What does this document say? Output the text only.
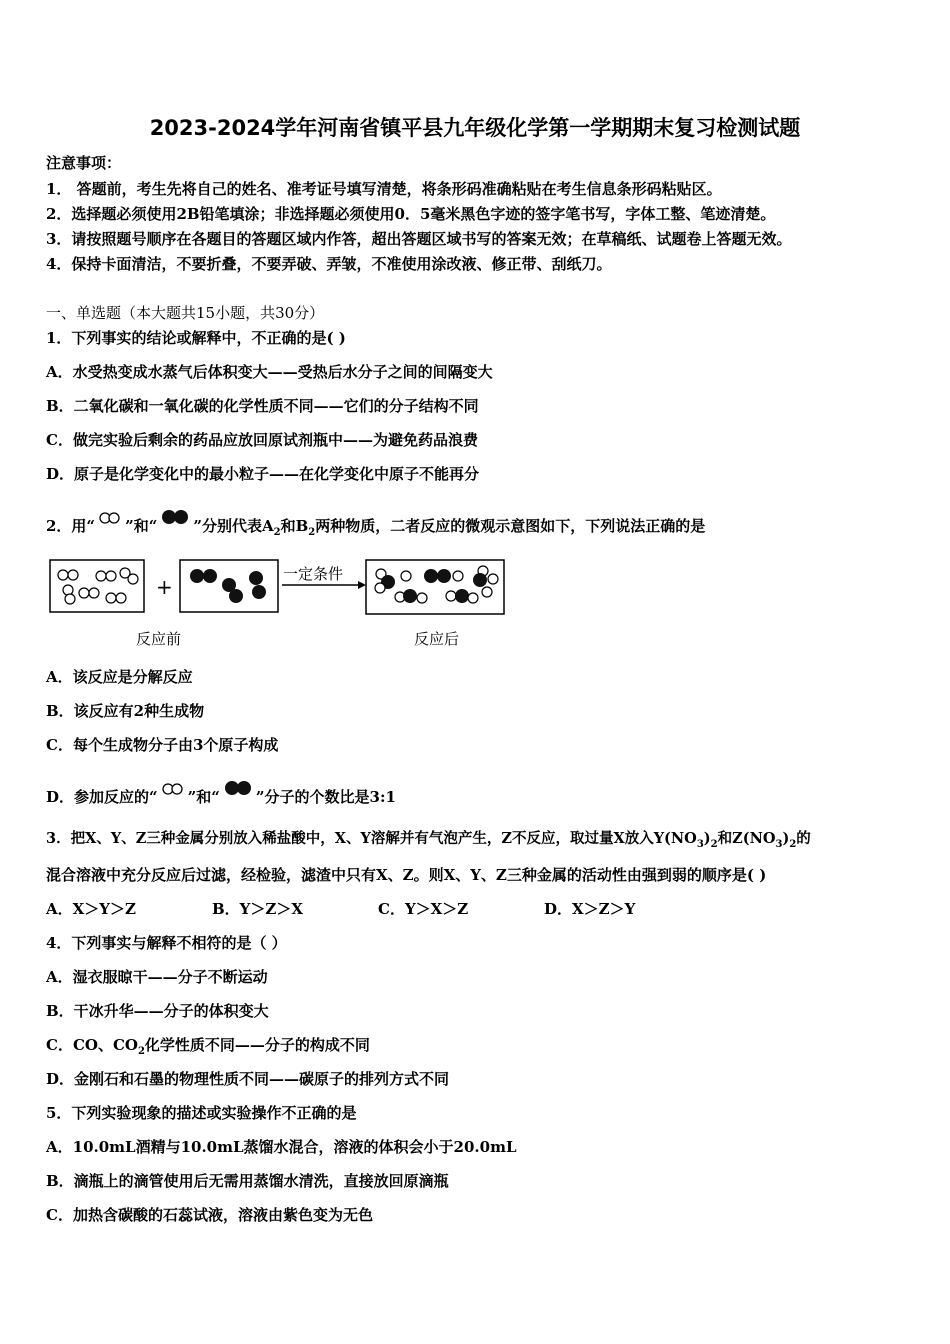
2023-2024学年河南省镇平县九年级化学第一学期期末复习检测试题
注意事项：
1． 答题前，考生先将自己的姓名、准考证号填写清楚，将条形码准确粘贴在考生信息条形码粘贴区。
2．选择题必须使用2B铅笔填涂；非选择题必须使用0．5毫米黑色字迹的签字笔书写，字体工整、笔迹清楚。
3．请按照题号顺序在各题目的答题区域内作答，超出答题区域书写的答案无效；在草稿纸、试题卷上答题无效。
4．保持卡面清洁，不要折叠，不要弄破、弄皱，不准使用涂改液、修正带、刮纸刀。
一、单选题（本大题共15小题，共30分）
1．下列事实的结论或解释中，不正确的是( )
A．水受热变成水蒸气后体积变大——受热后水分子之间的间隔变大
B．二氧化碳和一氧化碳的化学性质不同——它们的分子结构不同
C．做完实验后剩余的药品应放回原试剂瓶中——为避免药品浪费
D．原子是化学变化中的最小粒子——在化学变化中原子不能再分
2．用“ ”和“ ”分别代表$A_2$和$B_2$两种物质，二者反应的微观示意图如下，下列说法正确的是
+
一定条件
反应前	反应后
A．该反应是分解反应
B．该反应有2种生成物
C．每个生成物分子由3个原子构成
D．参加反应的“ ”和“ ”分子的个数比是3:1
3．把X、Y、Z三种金属分别放入稀盐酸中，X、Y溶解并有气泡产生，Z不反应，取过量X放入$Y(NO_3)_2$和$Z(NO_3)_2$的
混合溶液中充分反应后过滤，经检验，滤渣中只有X、Z。则X、Y、Z三种金属的活动性由强到弱的顺序是( )
A．X＞Y＞Z	B．Y＞Z＞X	C．Y＞X＞Z	D．X＞Z＞Y
4．下列事实与解释不相符的是（ ）
A．湿衣服晾干——分子不断运动
B．干冰升华——分子的体积变大
C．CO、$CO_2$化学性质不同——分子的构成不同
D．金刚石和石墨的物理性质不同——碳原子的排列方式不同
5．下列实验现象的描述或实验操作不正确的是
A．10.0mL酒精与10.0mL蒸馏水混合，溶液的体积会小于20.0mL
B．滴瓶上的滴管使用后无需用蒸馏水清洗，直接放回原滴瓶
C．加热含碳酸的石蕊试液，溶液由紫色变为无色
